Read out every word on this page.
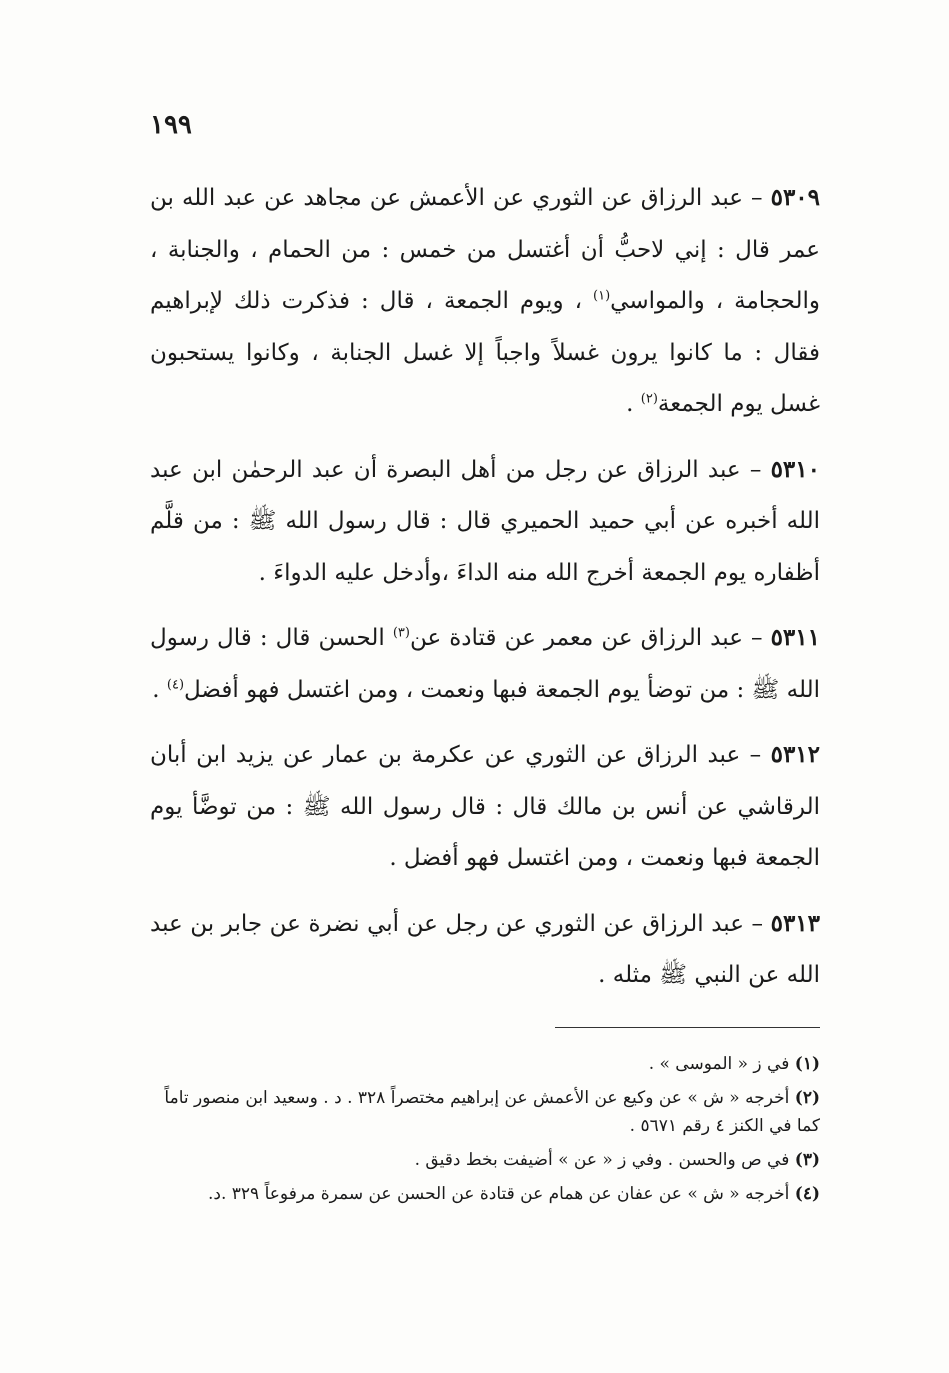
١٩٩

٥٣٠٩ – عبد الرزاق عن الثوري عن الأعمش عن مجاهد عن عبد الله بن عمر قال : إني لاحبُّ أن أغتسل من خمس : من الحمام ، والجنابة ، والحجامة ، والمواسي$^{(١)}$ ، ويوم الجمعة ، قال : فذكرت ذلك لإبراهيم فقال : ما كانوا يرون غسلاً واجباً إلا غسل الجنابة ، وكانوا يستحبون غسل يوم الجمعة$^{(٢)}$ .

٥٣١٠ – عبد الرزاق عن رجل من أهل البصرة أن عبد الرحمٰن ابن عبد الله أخبره عن أبي حميد الحميري قال : قال رسول الله ﷺ : من قلَّم أظفاره يوم الجمعة أخرج الله منه الداءَ ،وأدخل عليه الدواءَ .

٥٣١١ – عبد الرزاق عن معمر عن قتادة عن$^{(٣)}$ الحسن قال : قال رسول الله ﷺ : من توضأ يوم الجمعة فبها ونعمت ، ومن اغتسل فهو أفضل$^{(٤)}$ .

٥٣١٢ – عبد الرزاق عن الثوري عن عكرمة بن عمار عن يزيد ابن أبان الرقاشي عن أنس بن مالك قال : قال رسول الله ﷺ : من توضَّأ يوم الجمعة فبها ونعمت ، ومن اغتسل فهو أفضل .

٥٣١٣ – عبد الرزاق عن الثوري عن رجل عن أبي نضرة عن جابر بن عبد الله عن النبي ﷺ مثله .

(١) في ز « الموسى » .

(٢) أخرجه « ش » عن وكيع عن الأعمش عن إبراهيم مختصراً ٣٢٨ . د . وسعيد ابن منصور تاماً كما في الكنز ٤ رقم ٥٦٧١ .

(٣) في ص والحسن . وفي ز « عن » أضيفت بخط دقيق .

(٤) أخرجه « ش » عن عفان عن همام عن قتادة عن الحسن عن سمرة مرفوعاً ٣٢٩ .د.
